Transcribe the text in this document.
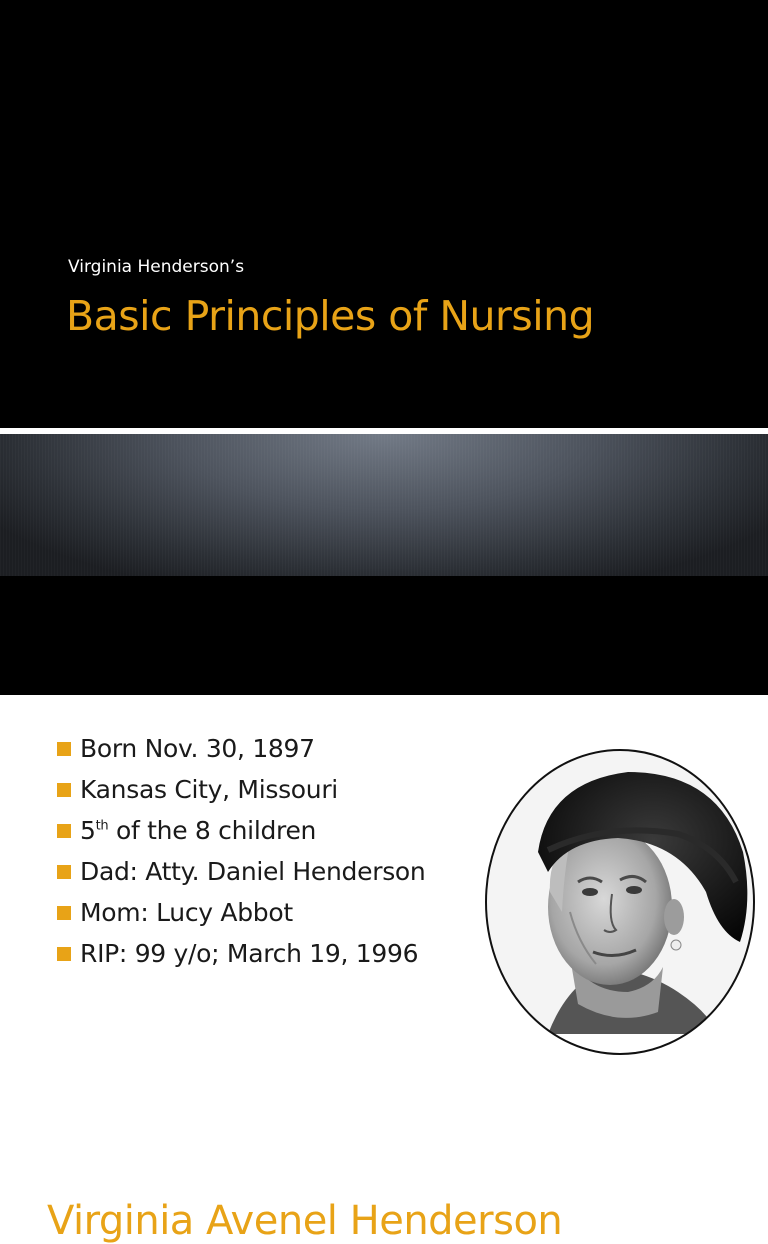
Virginia Henderson’s
Basic Principles of Nursing
Virginia Avenel Henderson
Born Nov. 30, 1897
Kansas City, Missouri
5th of the 8 children
Dad: Atty. Daniel Henderson
Mom: Lucy Abbot
RIP: 99 y/o; March 19, 1996
